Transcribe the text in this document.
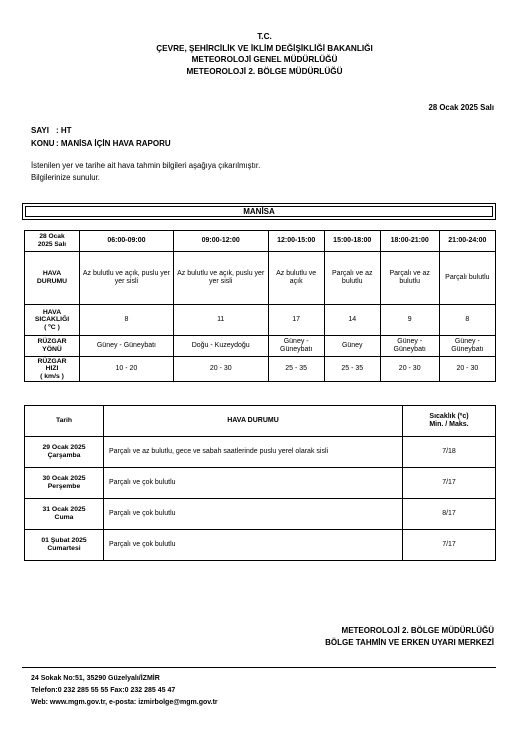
T.C.
ÇEVRE, ŞEHİRCİLİK VE İKLİM DEĞİŞİKLİĞİ BAKANLIĞI
METEOROLOJİ GENEL MÜDÜRLÜĞÜ
METEOROLOJİ 2. BÖLGE MÜDÜRLÜĞÜ
28 Ocak 2025 Salı
SAYI : HT
KONU: MANİSA İÇİN HAVA RAPORU
İstenilen yer ve tarihe ait hava tahmin bilgileri aşağıya çıkarılmıştır.
Bilgilerinize sunulur.
MANİSA
28 Ocak
2025 Salı	06:00-09:00	09:00-12:00	12:00-15:00	15:00-18:00	18:00-21:00	21:00-24:00

HAVA
DURUMU	Az bulutlu ve açık, puslu yer yer sisli	Az bulutlu ve açık, puslu yer yer sisli	Az bulutlu ve açık	Parçalı ve az bulutlu	Parçalı ve az bulutlu	Parçalı bulutlu

HAVA
SICAKLIĞI
( ºC )	8	11	17	14	9	8

RÜZGAR
YÖNÜ	Güney - Güneybatı	Doğu - Kuzeydoğu	Güney - Güneybatı	Güney	Güney - Güneybatı	Güney - Güneybatı

RÜZGAR
HIZI
( km/s )	10 - 20	20 - 30	25 - 35	25 - 35	20 - 30	20 - 30
Tarih	HAVA DURUMU	Sıcaklık (ºc)
Min. / Maks.

29 Ocak 2025
Çarşamba	Parçalı ve az bulutlu, gece ve sabah saatlerinde puslu yerel olarak sisli	7/18

30 Ocak 2025
Perşembe	Parçalı ve çok bulutlu	7/17

31 Ocak 2025
Cuma	Parçalı ve çok bulutlu	8/17

01 Şubat 2025
Cumartesi	Parçalı ve çok bulutlu	7/17
METEOROLOJİ 2. BÖLGE MÜDÜRLÜĞÜ
BÖLGE TAHMİN VE ERKEN UYARI MERKEZİ
24 Sokak No:51, 35290 Güzelyalı/İZMİR
Telefon:0 232 285 55 55 Fax:0 232 285 45 47
Web: www.mgm.gov.tr, e-posta: izmirbolge@mgm.gov.tr
